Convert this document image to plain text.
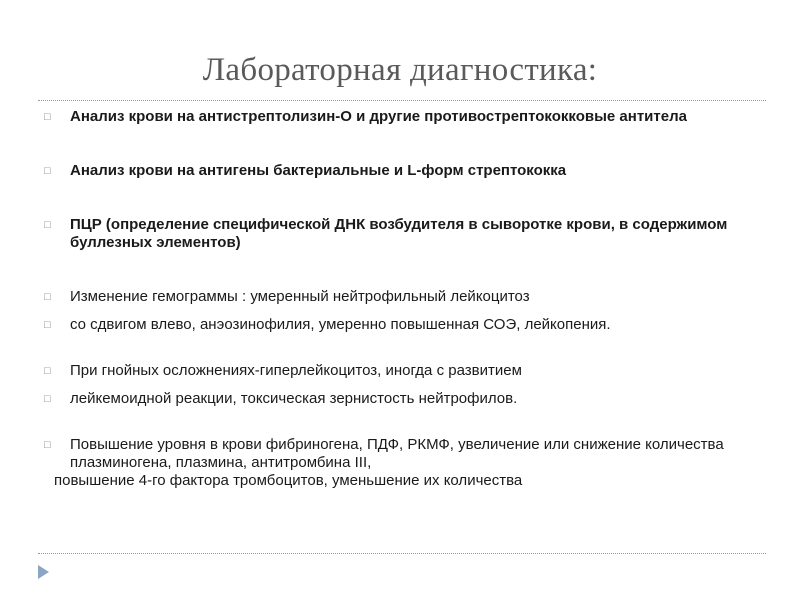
Лабораторная диагностика:
□	Анализ крови на антистрептолизин-О и другие противострептококковые антитела
□	Анализ крови на антигены бактериальные и L-форм стрептококка
□	ПЦР (определение специфической ДНК возбудителя в сыворотке крови, в содержимом буллезных элементов)
□	Изменение гемограммы : умеренный нейтрофильный лейкоцитоз
□	со сдвигом влево, анэозинофилия, умеренно повышенная СОЭ, лейкопения.
□	При гнойных осложнениях-гиперлейкоцитоз, иногда с развитием
□	лейкемоидной реакции, токсическая зернистость нейтрофилов.
□	Повышение уровня в крови фибриногена, ПДФ, РКМФ, увеличение или снижение количества плазминогена, плазмина, антитромбина III,
повышение 4-го фактора тромбоцитов, уменьшение их количества
